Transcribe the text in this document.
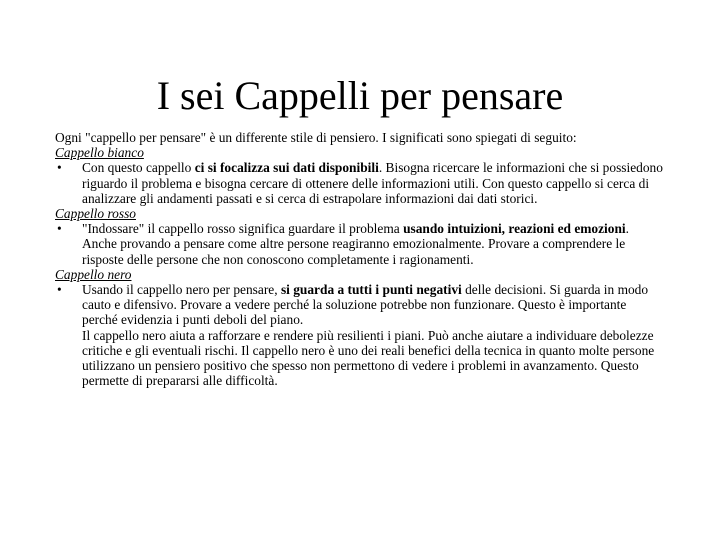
I sei Cappelli per pensare

Ogni "cappello per pensare" è un differente stile di pensiero. I significati sono spiegati di seguito:

Cappello bianco

• Con questo cappello ci si focalizza sui dati disponibili. Bisogna ricercare le informazioni che si possiedono riguardo il problema e bisogna cercare di ottenere delle informazioni utili. Con questo cappello si cerca di analizzare gli andamenti passati e si cerca di estrapolare informazioni dai dati storici.

Cappello rosso

• "Indossare" il cappello rosso significa guardare il problema usando intuizioni, reazioni ed emozioni. Anche provando a pensare come altre persone reagiranno emozionalmente. Provare a comprendere le risposte delle persone che non conoscono completamente i ragionamenti.

Cappello nero

• Usando il cappello nero per pensare, si guarda a tutti i punti negativi delle decisioni. Si guarda in modo cauto e difensivo. Provare a vedere perché la soluzione potrebbe non funzionare. Questo è importante perché evidenzia i punti deboli del piano.

Il cappello nero aiuta a rafforzare e rendere più resilienti i piani. Può anche aiutare a individuare debolezze critiche e gli eventuali rischi. Il cappello nero è uno dei reali benefici della tecnica in quanto molte persone utilizzano un pensiero positivo che spesso non permettono di vedere i problemi in avanzamento. Questo permette di prepararsi alle difficoltà.
